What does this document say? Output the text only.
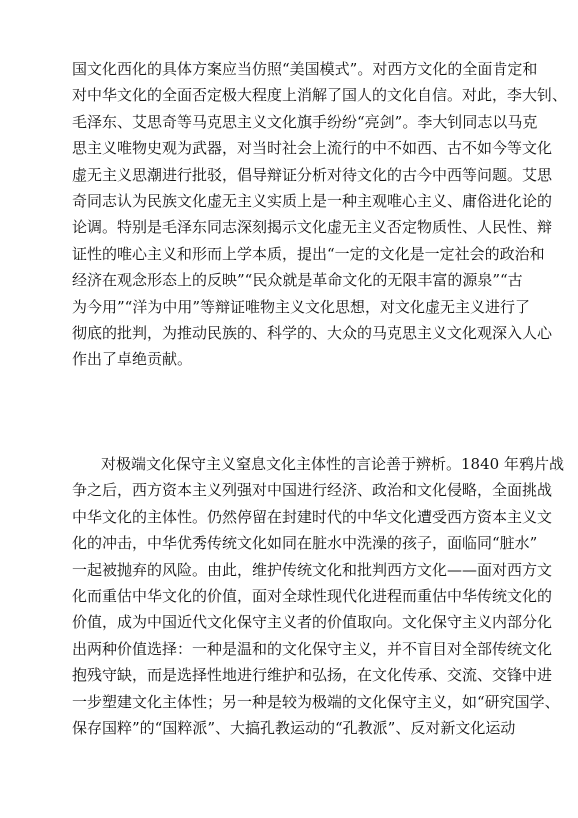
国文化西化的具体方案应当仿照“美国模式”。对西方文化的全面肯定和
对中华文化的全面否定极大程度上消解了国人的文化自信。对此，李大钊、
毛泽东、艾思奇等马克思主义文化旗手纷纷“亮剑”。李大钊同志以马克
思主义唯物史观为武器，对当时社会上流行的中不如西、古不如今等文化
虚无主义思潮进行批驳，倡导辩证分析对待文化的古今中西等问题。艾思
奇同志认为民族文化虚无主义实质上是一种主观唯心主义、庸俗进化论的
论调。特别是毛泽东同志深刻揭示文化虚无主义否定物质性、人民性、辩
证性的唯心主义和形而上学本质，提出“一定的文化是一定社会的政治和
经济在观念形态上的反映”“民众就是革命文化的无限丰富的源泉”“古
为今用”“洋为中用”等辩证唯物主义文化思想，对文化虚无主义进行了
彻底的批判，为推动民族的、科学的、大众的马克思主义文化观深入人心
作出了卓绝贡献。
对极端文化保守主义窒息文化主体性的言论善于辨析。1840 年鸦片战
争之后，西方资本主义列强对中国进行经济、政治和文化侵略，全面挑战
中华文化的主体性。仍然停留在封建时代的中华文化遭受西方资本主义文
化的冲击，中华优秀传统文化如同在脏水中洗澡的孩子，面临同“脏水”
一起被抛弃的风险。由此，维护传统文化和批判西方文化——面对西方文
化而重估中华文化的价值，面对全球性现代化进程而重估中华传统文化的
价值，成为中国近代文化保守主义者的价值取向。文化保守主义内部分化
出两种价值选择：一种是温和的文化保守主义，并不盲目对全部传统文化
抱残守缺，而是选择性地进行维护和弘扬，在文化传承、交流、交锋中进
一步塑建文化主体性；另一种是较为极端的文化保守主义，如“研究国学、
保存国粹”的“国粹派”、大搞孔教运动的“孔教派”、反对新文化运动
